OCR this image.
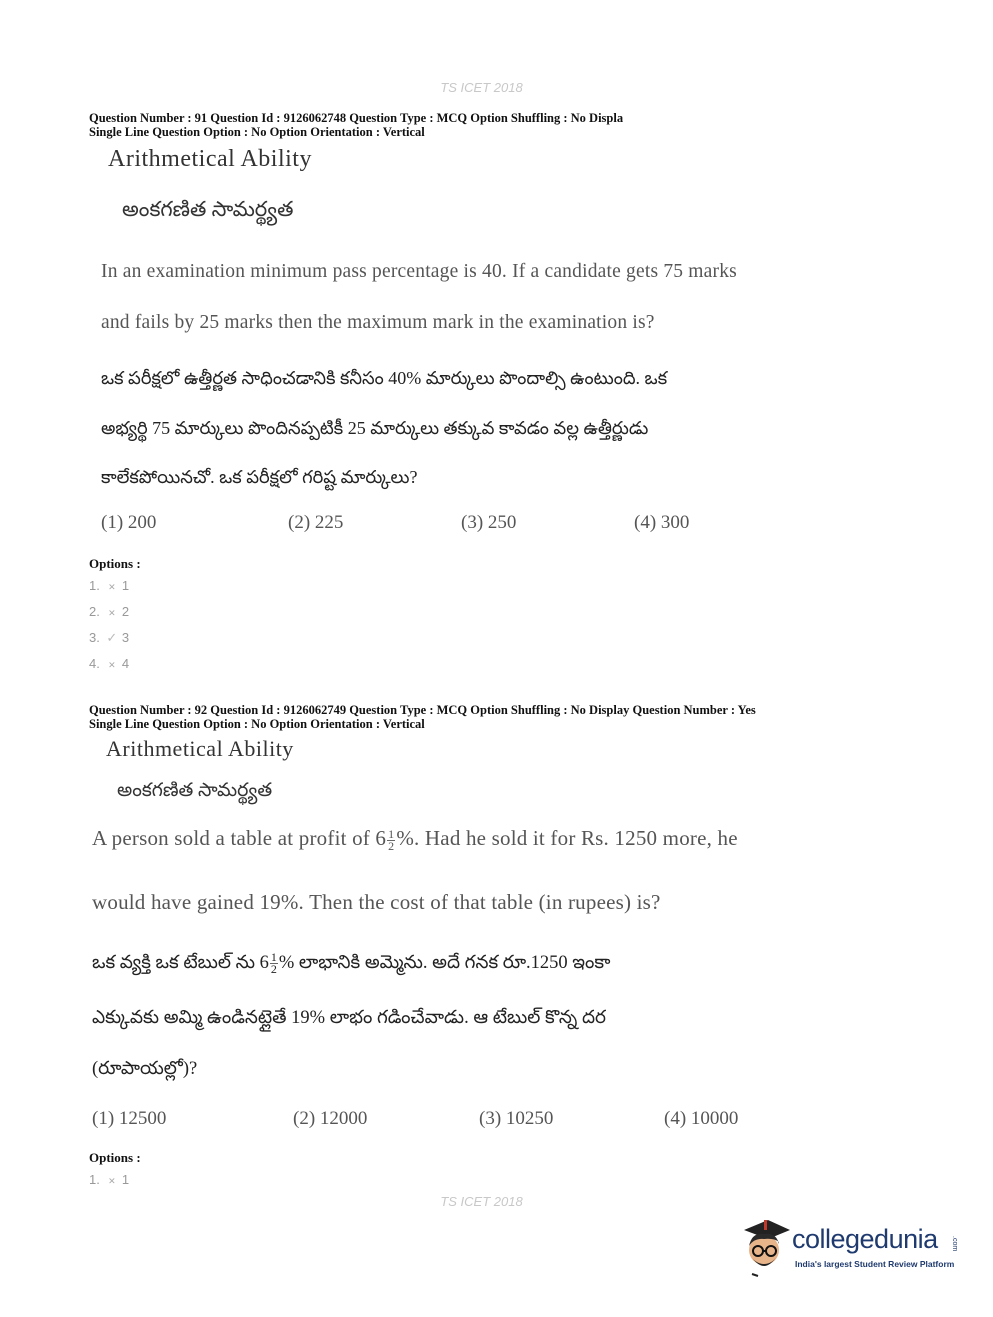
TS ICET 2018
Question Number : 91 Question Id : 9126062748 Question Type : MCQ Option Shuffling : No Displa
Single Line Question Option : No Option Orientation : Vertical
Arithmetical Ability
అంకగణిత సామర్థ్యత
In an examination minimum pass percentage is 40. If a candidate gets 75 marks
and fails by 25 marks then the maximum mark in the examination is?
ఒక పరీక్షలో ఉత్తీర్ణత సాధించడానికి కనీసం 40% మార్కులు పొందాల్సి ఉంటుంది. ఒక
అభ్యర్థి 75 మార్కులు పొందినప్పటికీ 25 మార్కులు తక్కువ కావడం వల్ల ఉత్తీర్ణుడు
కాలేకపోయినచో. ఒక పరీక్షలో గరిష్ట మార్కులు?
(1) 200	(2) 225	(3) 250	(4) 300
Options :
1. ✕ 1
2. ✕ 2
3. ✓ 3
4. ✕ 4
Question Number : 92 Question Id : 9126062749 Question Type : MCQ Option Shuffling : No Display Question Number : Yes
Single Line Question Option : No Option Orientation : Vertical
Arithmetical Ability
అంకగణిత సామర్థ్యత
A person sold a table at profit of $6 \frac{1}{2}$ %. Had he sold it for Rs. 1250 more, he
would have gained 19%. Then the cost of that table (in rupees) is?
ఒక వ్యక్తి ఒక టేబుల్ ను $6 \frac{1}{2}$ % లాభానికి అమ్మెను. అదే గనక రూ.1250 ఇంకా
ఎక్కువకు అమ్మి ఉండినట్లైతే 19% లాభం గడించేవాడు. ఆ టేబుల్ కొన్న దర
(రూపాయల్లో)?
(1) 12500	(2) 12000	(3) 10250	(4) 10000
Options :
1. ✕ 1
TS ICET 2018
collegedunia .com
India's largest Student Review Platform
